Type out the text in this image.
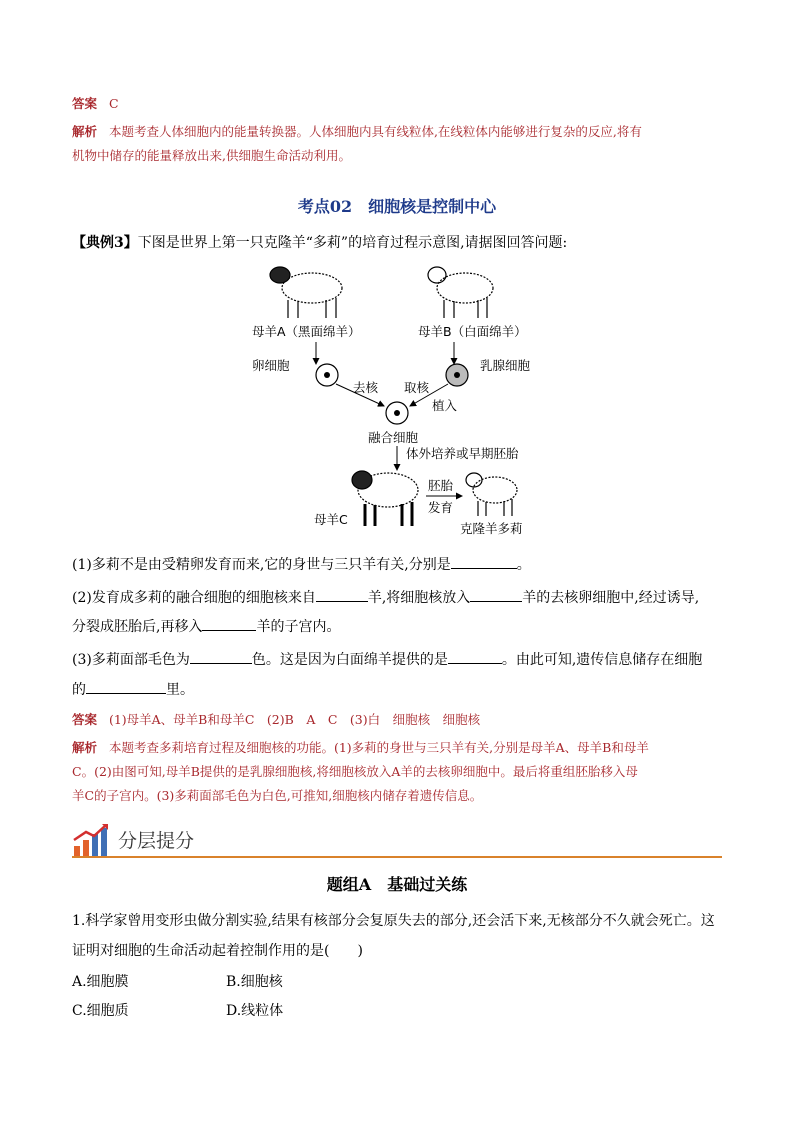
答案 C
解析 本题考查人体细胞内的能量转换器。人体细胞内具有线粒体,在线粒体内能够进行复杂的反应,将有
机物中储存的能量释放出来,供细胞生命活动利用。
考点02　细胞核是控制中心
【典例3】下图是世界上第一只克隆羊“多莉”的培育过程示意图,请据图回答问题:
母羊A（黑面绵羊）	母羊B（白面绵羊）
卵细胞	乳腺细胞
去核 取核
植入
融合细胞
体外培养或早期胚胎
母羊C
胚胎
发育
克隆羊多莉
(1)多莉不是由受精卵发育而来,它的身世与三只羊有关,分别是	。
(2)发育成多莉的融合细胞的细胞核来自	羊,将细胞核放入	羊的去核卵细胞中,经过诱导,
分裂成胚胎后,再移入	羊的子宫内。
(3)多莉面部毛色为	色。这是因为白面绵羊提供的是	。由此可知,遗传信息储存在细胞
的	里。
答案 (1)母羊A、母羊B和母羊C　(2)B　A　C　(3)白　细胞核　细胞核
解析 本题考查多莉培育过程及细胞核的功能。(1)多莉的身世与三只羊有关,分别是母羊A、母羊B和母羊
C。(2)由图可知,母羊B提供的是乳腺细胞核,将细胞核放入A羊的去核卵细胞中。最后将重组胚胎移入母
羊C的子宫内。(3)多莉面部毛色为白色,可推知,细胞核内储存着遗传信息。
分层提分
题组A　基础过关练
1.科学家曾用变形虫做分割实验,结果有核部分会复原失去的部分,还会活下来,无核部分不久就会死亡。这
证明对细胞的生命活动起着控制作用的是(　　)
A.细胞膜	B.细胞核
C.细胞质	D.线粒体
